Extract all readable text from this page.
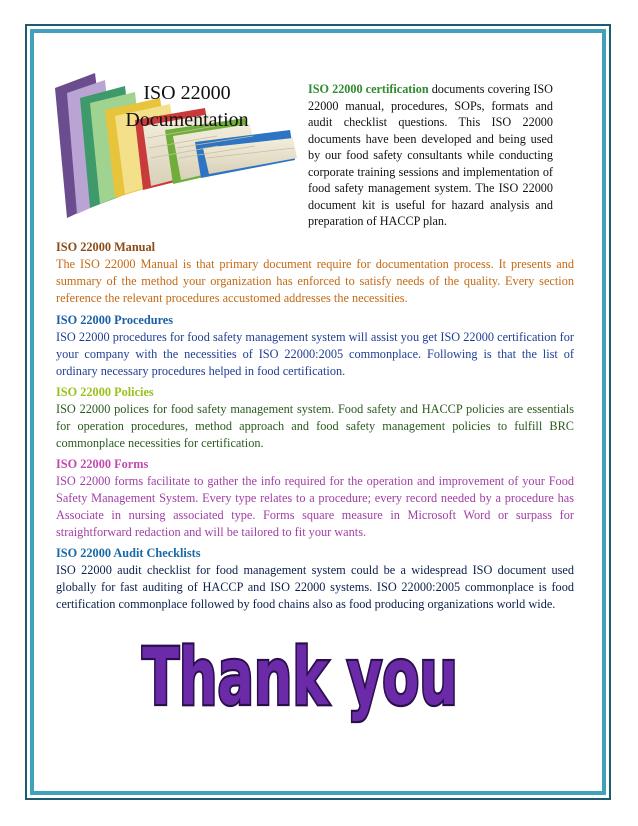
ISO 22000
Documentation
ISO 22000 certification documents covering ISO 22000 manual, procedures, SOPs, formats and audit checklist questions. This ISO 22000 documents have been developed and being used by our food safety consultants while conducting corporate training sessions and implementation of food safety management system. The ISO 22000 document kit is useful for hazard analysis and preparation of HACCP plan.
ISO 22000 Manual

The ISO 22000 Manual is that primary document require for documentation process. It presents and summary of the method your organization has enforced to satisfy needs of the quality. Every section reference the relevant procedures accustomed addresses the necessities.

ISO 22000 Procedures

ISO 22000 procedures for food safety management system will assist you get ISO 22000 certification for your company with the necessities of ISO 22000:2005 commonplace. Following is that the list of ordinary necessary procedures helped in food certification.

ISO 22000 Policies

ISO 22000 polices for food safety management system. Food safety and HACCP policies are essentials for operation procedures, method approach and food safety management policies to fulfill BRC commonplace necessities for certification.

ISO 22000 Forms

ISO 22000 forms facilitate to gather the info required for the operation and improvement of your Food Safety Management System. Every type relates to a procedure; every record needed by a procedure has Associate in nursing associated type. Forms square measure in Microsoft Word or surpass for straightforward redaction and will be tailored to fit your wants.

ISO 22000 Audit Checklists

ISO 22000 audit checklist for food management system could be a widespread ISO document used globally for fast auditing of HACCP and ISO 22000 systems. ISO 22000:2005 commonplace is food certification commonplace followed by food chains also as food producing organizations world wide.

Thank you
